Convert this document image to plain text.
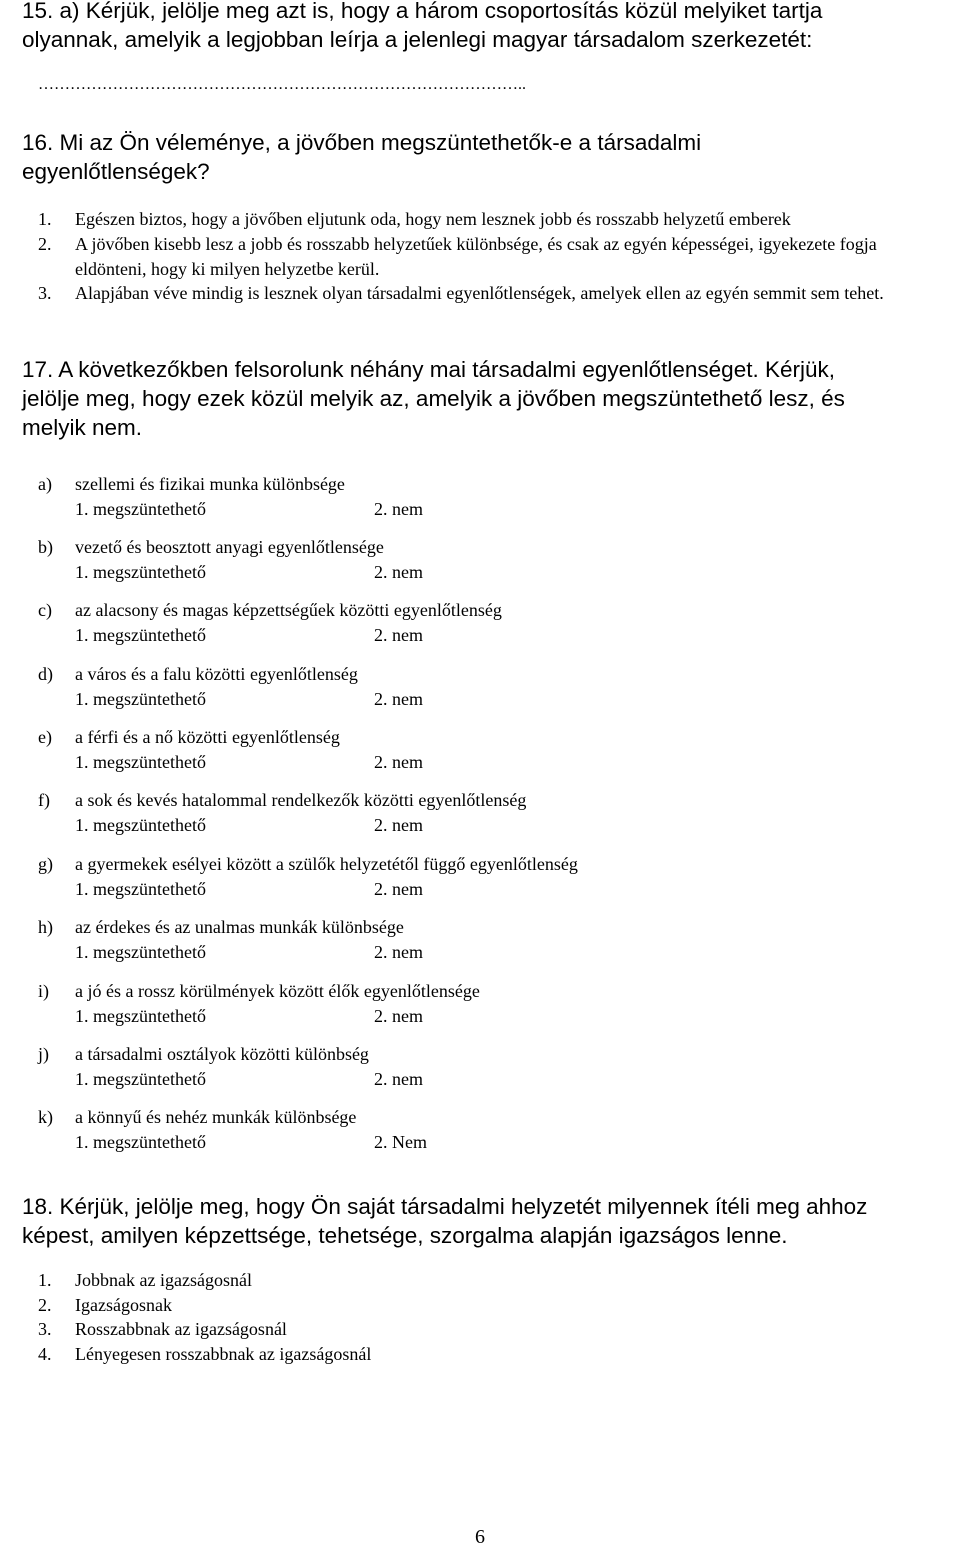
15. a) Kérjük, jelölje meg azt is, hogy a három csoportosítás közül melyiket tartja
olyannak, amelyik a legjobban leírja a jelenlegi magyar társadalom szerkezetét:
………………………………………………………………………………..
16. Mi az Ön véleménye, a jövőben megszüntethetők-e a társadalmi
egyenlőtlenségek?
1.	Egészen biztos, hogy a jövőben eljutunk oda, hogy nem lesznek jobb és rosszabb helyzetű emberek
2.	A jövőben kisebb lesz a jobb és rosszabb helyzetűek különbsége, és csak az egyén képességei, igyekezete fogja eldönteni, hogy ki milyen helyzetbe kerül.
3.	Alapjában véve mindig is lesznek olyan társadalmi egyenlőtlenségek, amelyek ellen az egyén semmit sem tehet.
17. A következőkben felsorolunk néhány mai társadalmi egyenlőtlenséget. Kérjük,
jelölje meg, hogy ezek közül melyik az, amelyik a jövőben megszüntethető lesz, és
melyik nem.
a)	szellemi és fizikai munka különbsége
1. megszüntethető	2. nem
b)	vezető és beosztott anyagi egyenlőtlensége
1. megszüntethető	2. nem
c)	az alacsony és magas képzettségűek közötti egyenlőtlenség
1. megszüntethető	2. nem
d)	a város és a falu közötti egyenlőtlenség
1. megszüntethető	2. nem
e)	a férfi és a nő közötti egyenlőtlenség
1. megszüntethető	2. nem
f)	a sok és kevés hatalommal rendelkezők közötti egyenlőtlenség
1. megszüntethető	2. nem
g)	a gyermekek esélyei között a szülők helyzetétől függő egyenlőtlenség
1. megszüntethető	2. nem
h)	az érdekes és az unalmas munkák különbsége
1. megszüntethető	2. nem
i)	a jó és a rossz körülmények között élők egyenlőtlensége
1. megszüntethető	2. nem
j)	a társadalmi osztályok közötti különbség
1. megszüntethető	2. nem
k)	a könnyű és nehéz munkák különbsége
1. megszüntethető	2. Nem
18. Kérjük, jelölje meg, hogy Ön saját társadalmi helyzetét milyennek ítéli meg ahhoz
képest, amilyen képzettsége, tehetsége, szorgalma alapján igazságos lenne.
1.	Jobbnak az igazságosnál
2.	Igazságosnak
3.	Rosszabbnak az igazságosnál
4.	Lényegesen rosszabbnak az igazságosnál
6
